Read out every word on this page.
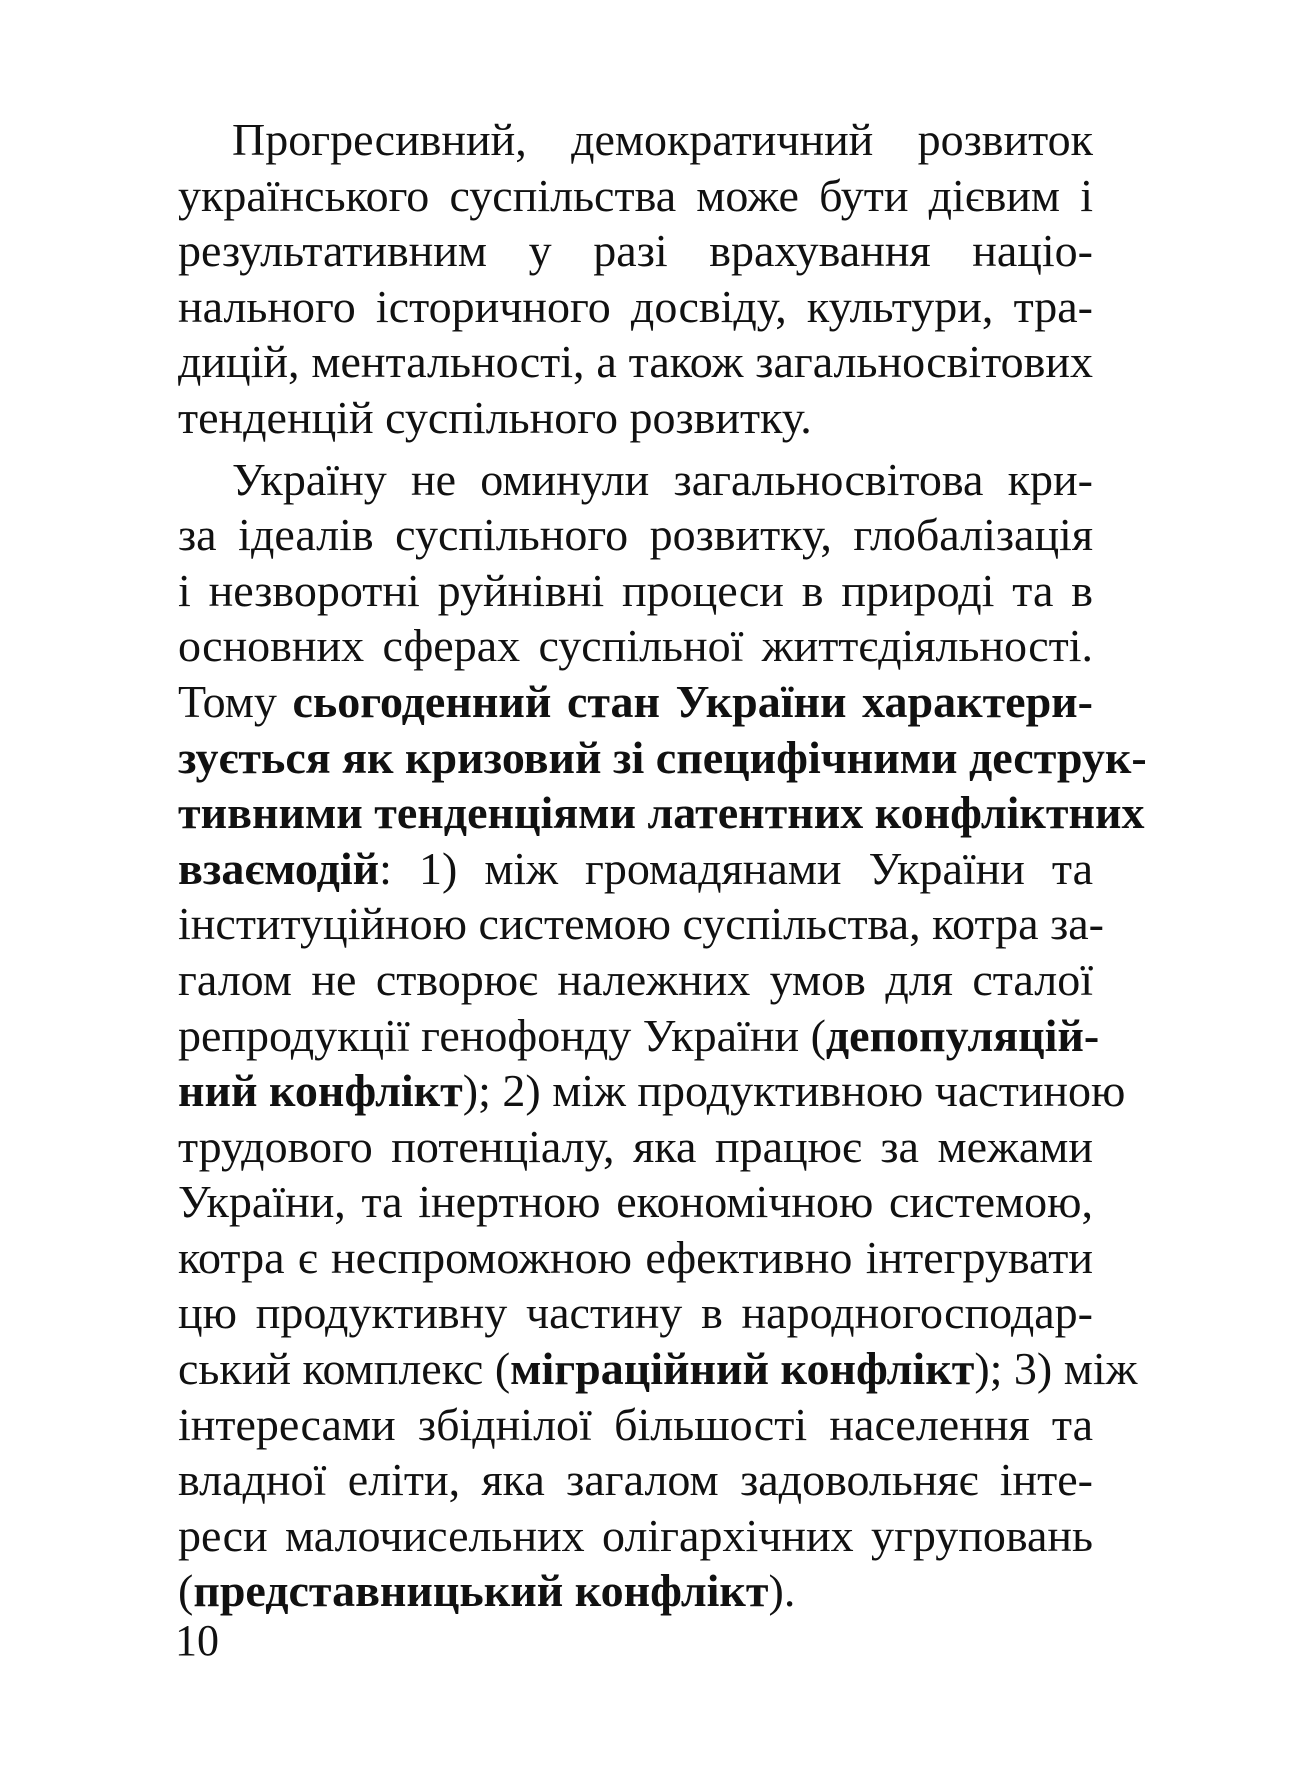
Прогресивний, демократичний розвиток
українського суспільства може бути дієвим і
результативним у разі врахування націо-
нального історичного досвіду, культури, тра-
дицій, ментальності, а також загальносвітових
тенденцій суспільного розвитку.
Україну не оминули загальносвітова кри-
за ідеалів суспільного розвитку, глобалізація
і незворотні руйнівні процеси в природі та в
основних сферах суспільної життєдіяльності.
Тому сьогоденний стан України характери-
зується як кризовий зі специфічними деструк-
тивними тенденціями латентних конфліктних
взаємодій: 1) між громадянами України та
інституційною системою суспільства, котра за-
галом не створює належних умов для сталої
репродукції генофонду України (депопуляцій-
ний конфлікт); 2) між продуктивною частиною
трудового потенціалу, яка працює за межами
України, та інертною економічною системою,
котра є неспроможною ефективно інтегрувати
цю продуктивну частину в народногосподар-
ський комплекс (міграційний конфлікт); 3) між
інтересами збіднілої більшості населення та
владної еліти, яка загалом задовольняє інте-
реси малочисельних олігархічних угруповань
(представницький конфлікт).
10
